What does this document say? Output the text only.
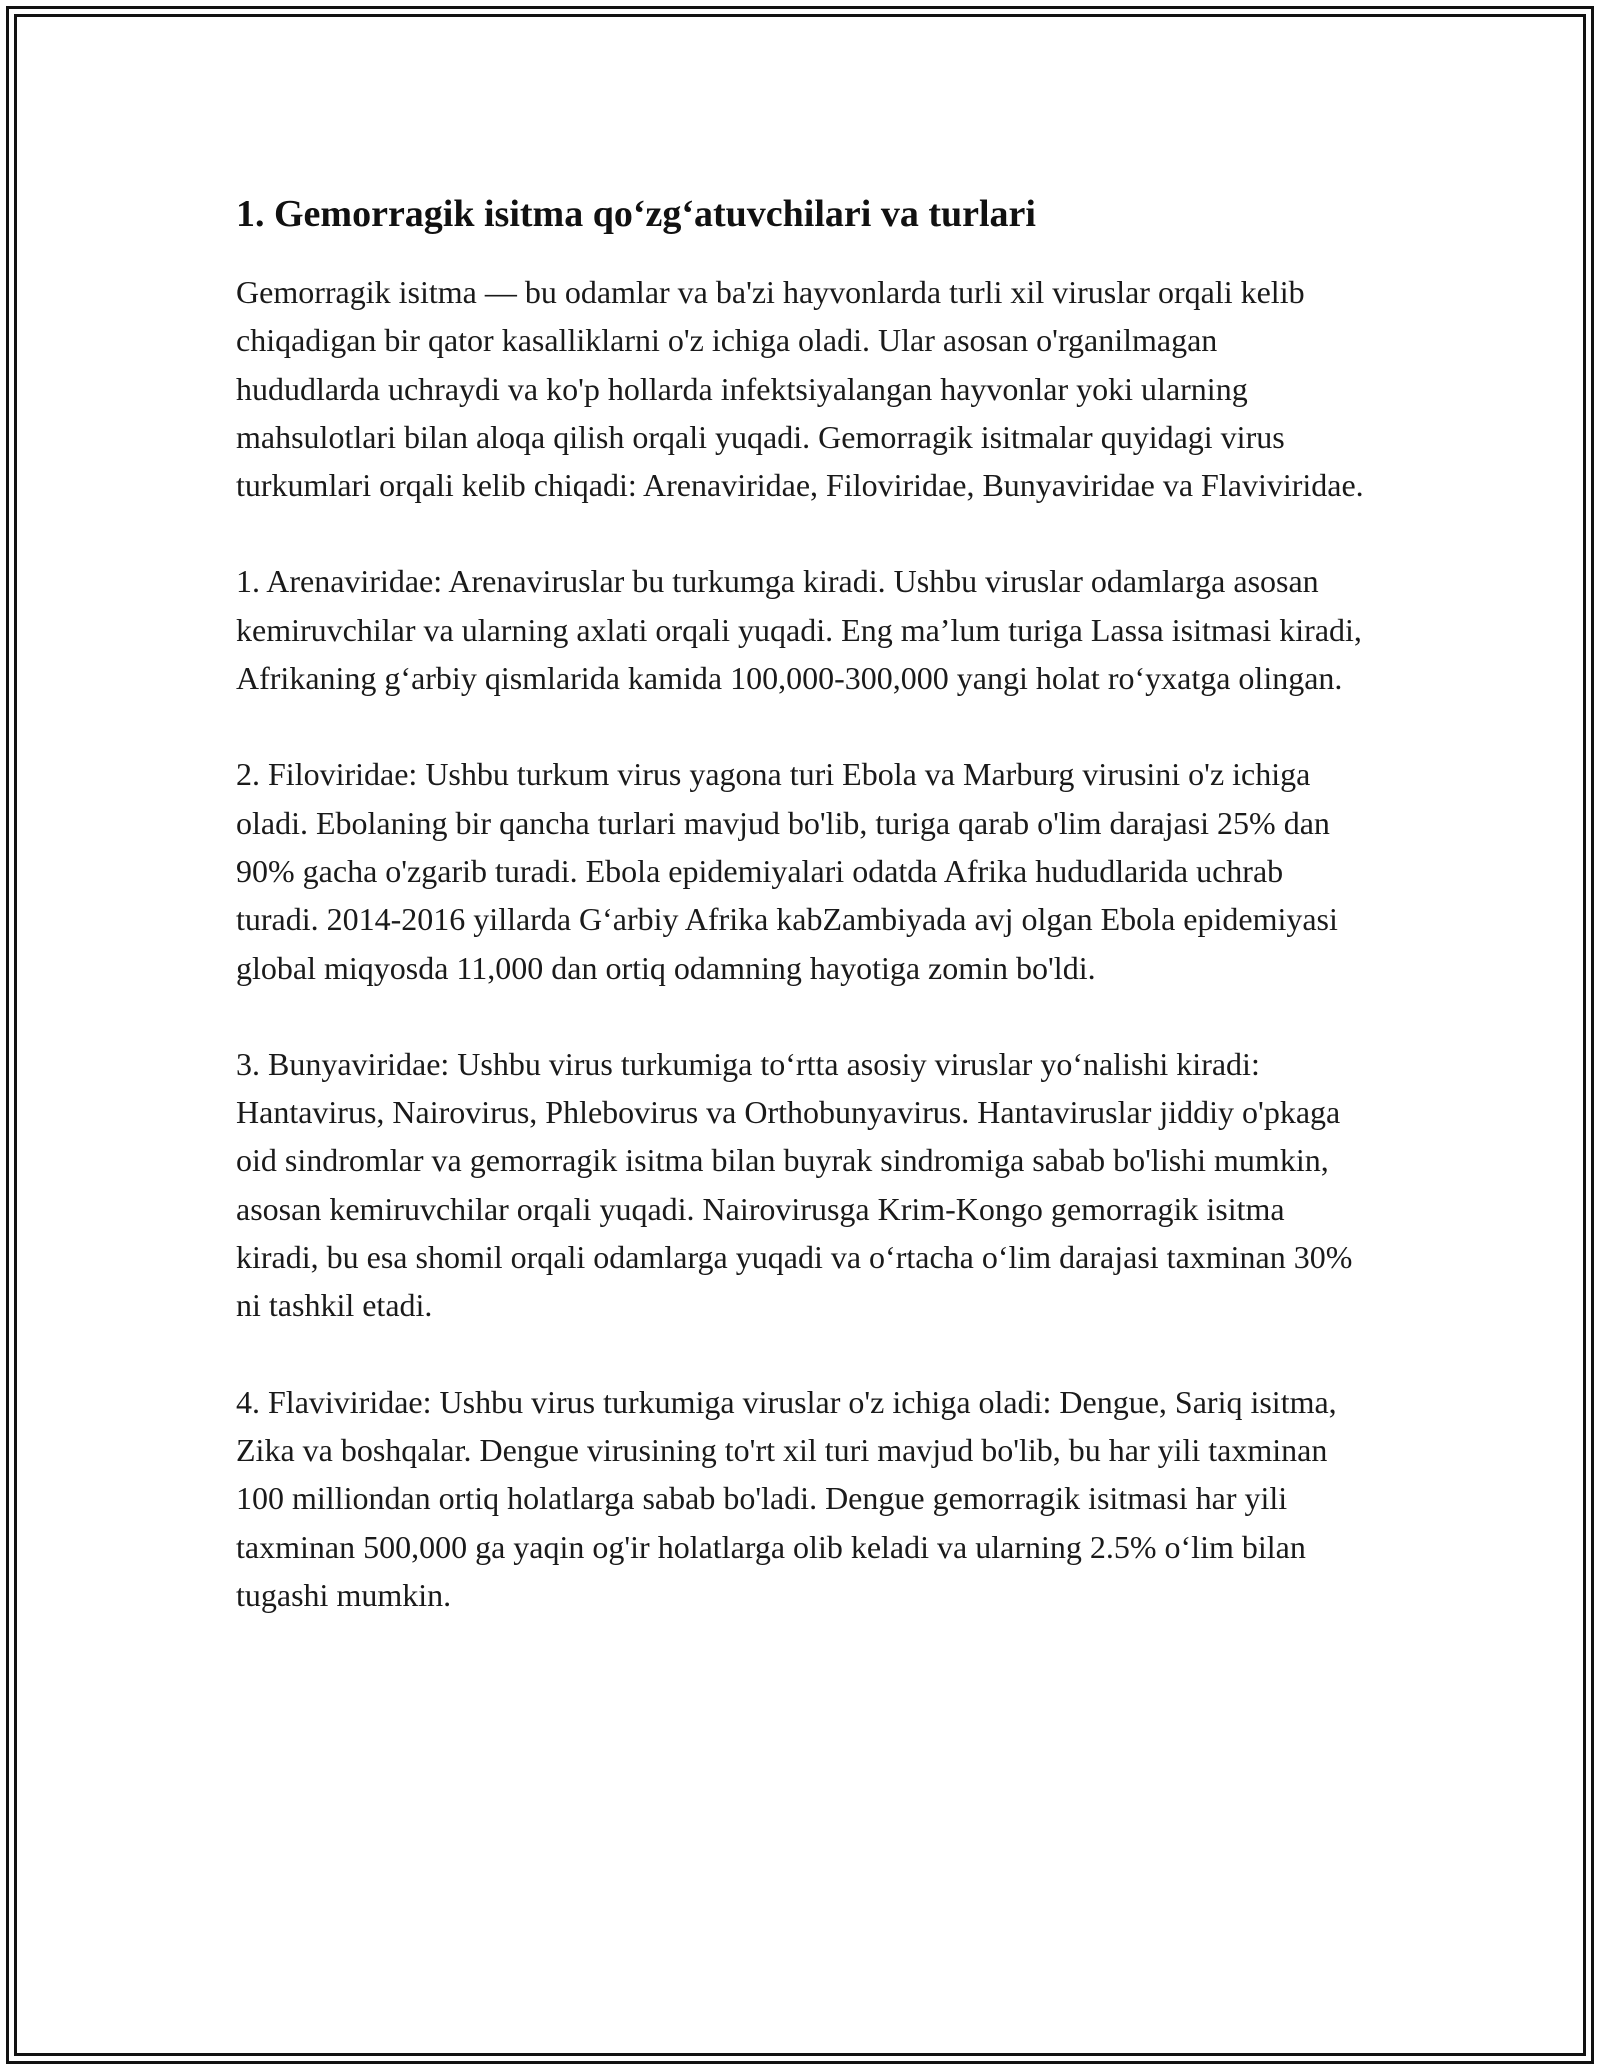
1. Gemorragik isitma qo‘zg‘atuvchilari va turlari

Gemorragik isitma — bu odamlar va ba'zi hayvonlarda turli xil viruslar orqali kelib chiqadigan bir qator kasalliklarni o'z ichiga oladi. Ular asosan o'rganilmagan hududlarda uchraydi va ko'p hollarda infektsiyalangan hayvonlar yoki ularning mahsulotlari bilan aloqa qilish orqali yuqadi. Gemorragik isitmalar quyidagi virus turkumlari orqali kelib chiqadi: Arenaviridae, Filoviridae, Bunyaviridae va Flaviviridae.

1. Arenaviridae: Arenaviruslar bu turkumga kiradi. Ushbu viruslar odamlarga asosan kemiruvchilar va ularning axlati orqali yuqadi. Eng ma’lum turiga Lassa isitmasi kiradi, Afrikaning g‘arbiy qismlarida kamida 100,000-300,000 yangi holat ro‘yxatga olingan.

2. Filoviridae: Ushbu turkum virus yagona turi Ebola va Marburg virusini o'z ichiga oladi. Ebolaning bir qancha turlari mavjud bo'lib, turiga qarab o'lim darajasi 25% dan 90% gacha o'zgarib turadi. Ebola epidemiyalari odatda Afrika hududlarida uchrab turadi. 2014-2016 yillarda G‘arbiy Afrika kabZambiyada avj olgan Ebola epidemiyasi global miqyosda 11,000 dan ortiq odamning hayotiga zomin bo'ldi.

3. Bunyaviridae: Ushbu virus turkumiga to‘rtta asosiy viruslar yo‘nalishi kiradi: Hantavirus, Nairovirus, Phlebovirus va Orthobunyavirus. Hantaviruslar jiddiy o'pkaga oid sindromlar va gemorragik isitma bilan buyrak sindromiga sabab bo'lishi mumkin, asosan kemiruvchilar orqali yuqadi. Nairovirusga Krim-Kongo gemorragik isitma kiradi, bu esa shomil orqali odamlarga yuqadi va o‘rtacha o‘lim darajasi taxminan 30% ni tashkil etadi.

4. Flaviviridae: Ushbu virus turkumiga viruslar o'z ichiga oladi: Dengue, Sariq isitma, Zika va boshqalar. Dengue virusining to'rt xil turi mavjud bo'lib, bu har yili taxminan 100 milliondan ortiq holatlarga sabab bo'ladi. Dengue gemorragik isitmasi har yili taxminan 500,000 ga yaqin og'ir holatlarga olib keladi va ularning 2.5% o‘lim bilan tugashi mumkin.
